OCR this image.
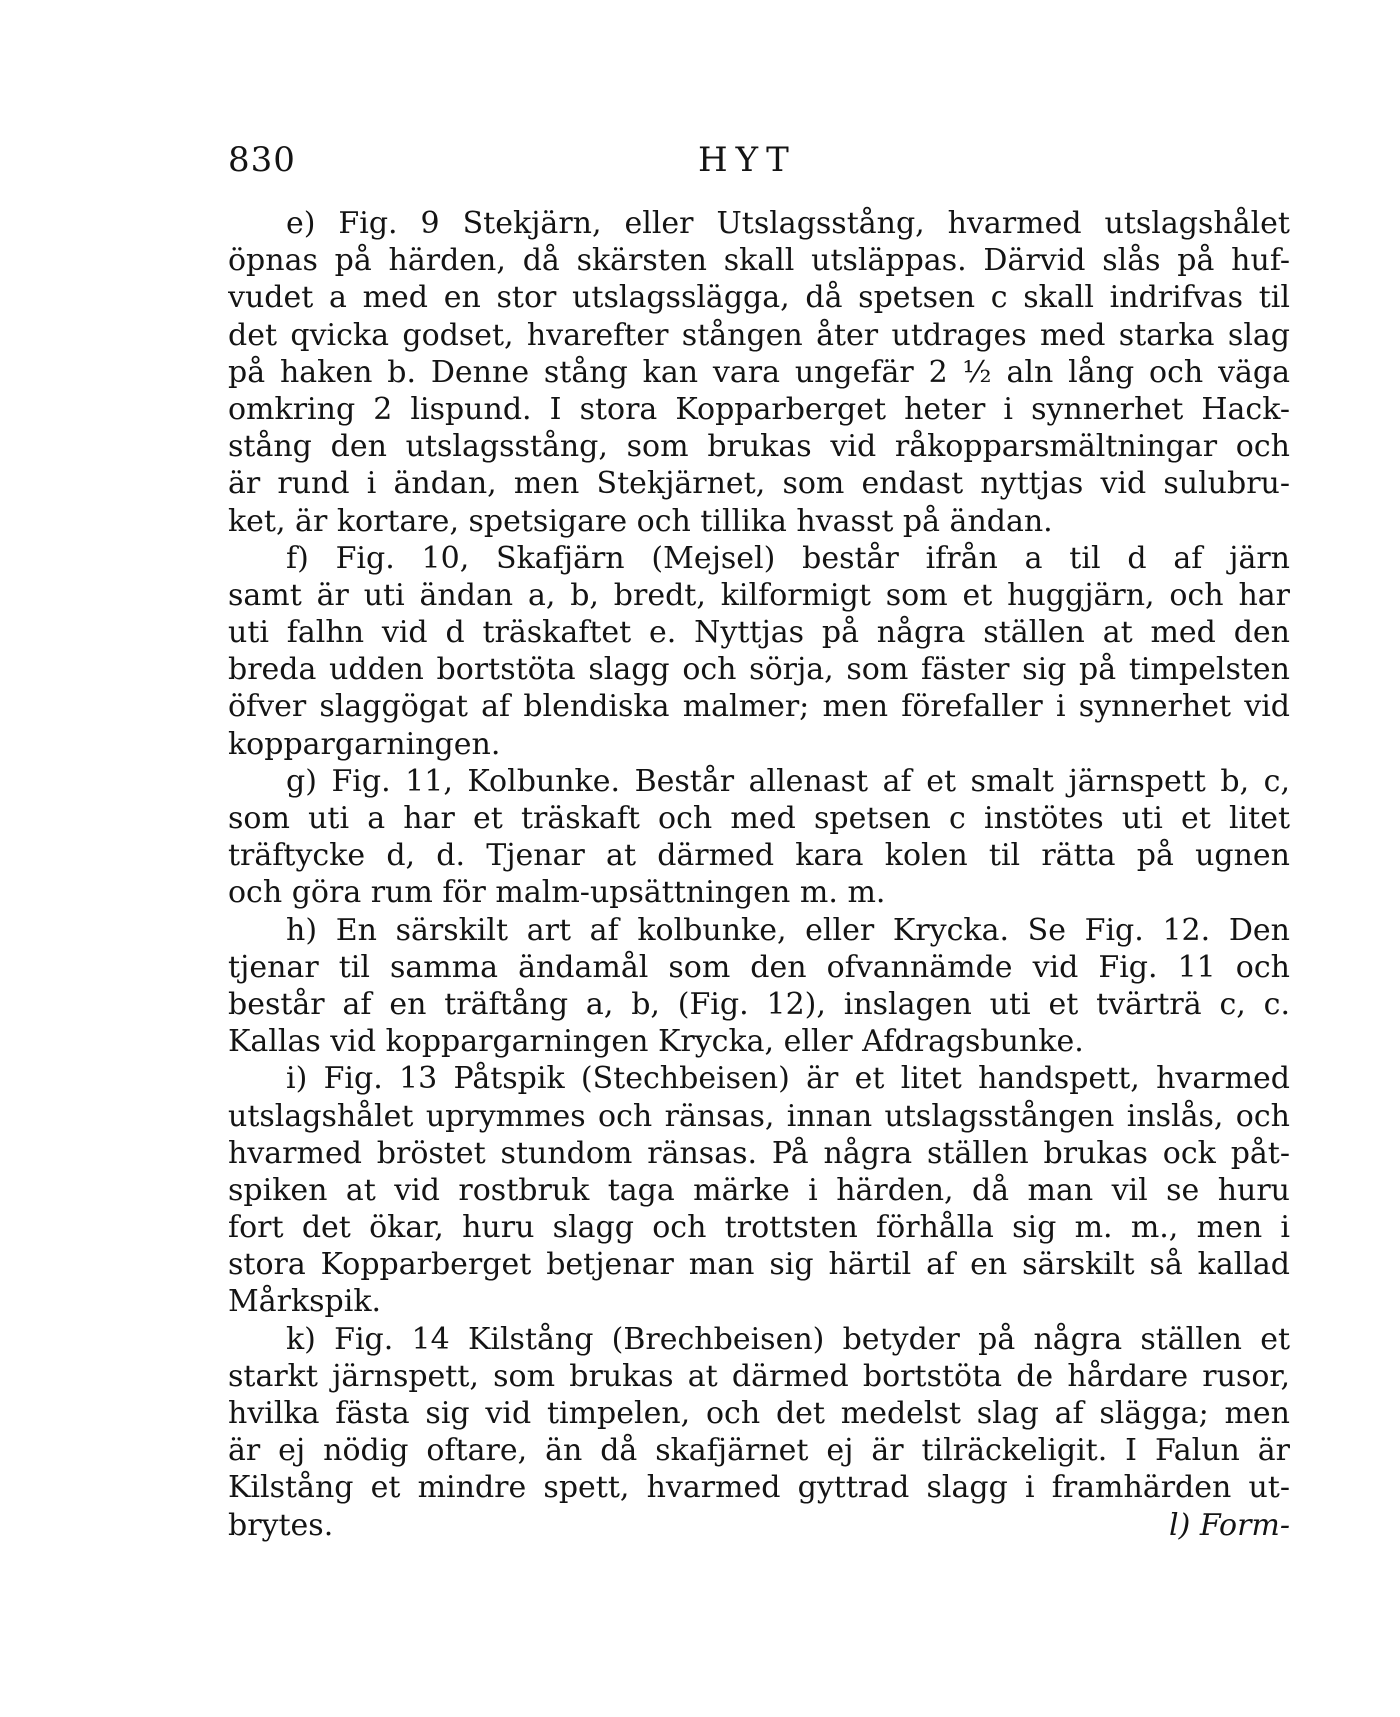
830	HYT
e) Fig. 9 Stekjärn, eller Utslagsstång, hvarmed utslagshålet
öpnas på härden, då skärsten skall utsläppas. Därvid slås på huf-
vudet a med en stor utslagsslägga, då spetsen c skall indrifvas til
det qvicka godset, hvarefter stången åter utdrages med starka slag
på haken b. Denne stång kan vara ungefär 2 ½ aln lång och väga
omkring 2 lispund. I stora Kopparberget heter i synnerhet Hack-
stång den utslagsstång, som brukas vid råkopparsmältningar och
är rund i ändan, men Stekjärnet, som endast nyttjas vid sulubru-
ket, är kortare, spetsigare och tillika hvasst på ändan.
f) Fig. 10, Skafjärn (Mejsel) består ifrån a til d af järn
samt är uti ändan a, b, bredt, kilformigt som et huggjärn, och har
uti falhn vid d träskaftet e. Nyttjas på några ställen at med den
breda udden bortstöta slagg och sörja, som fäster sig på timpelsten
öfver slaggögat af blendiska malmer; men förefaller i synnerhet vid
koppargarningen.
g) Fig. 11, Kolbunke. Består allenast af et smalt järnspett b, c,
som uti a har et träskaft och med spetsen c instötes uti et litet
träftycke d, d. Tjenar at därmed kara kolen til rätta på ugnen
och göra rum för malm-upsättningen m. m.
h) En särskilt art af kolbunke, eller Krycka. Se Fig. 12. Den
tjenar til samma ändamål som den ofvannämde vid Fig. 11 och
består af en träftång a, b, (Fig. 12), inslagen uti et tvärträ c, c.
Kallas vid koppargarningen Krycka, eller Afdragsbunke.
i) Fig. 13 Påtspik (Stechbeisen) är et litet handspett, hvarmed
utslagshålet uprymmes och ränsas, innan utslagsstången inslås, och
hvarmed bröstet stundom ränsas. På några ställen brukas ock påt-
spiken at vid rostbruk taga märke i härden, då man vil se huru
fort det ökar, huru slagg och trottsten förhålla sig m. m., men i
stora Kopparberget betjenar man sig härtil af en särskilt så kallad
Mårkspik.
k) Fig. 14 Kilstång (Brechbeisen) betyder på några ställen et
starkt järnspett, som brukas at därmed bortstöta de hårdare rusor,
hvilka fästa sig vid timpelen, och det medelst slag af slägga; men
är ej nödig oftare, än då skafjärnet ej är tilräckeligit. I Falun är
Kilstång et mindre spett, hvarmed gyttrad slagg i framhärden ut-
brytes.	l) Form-
